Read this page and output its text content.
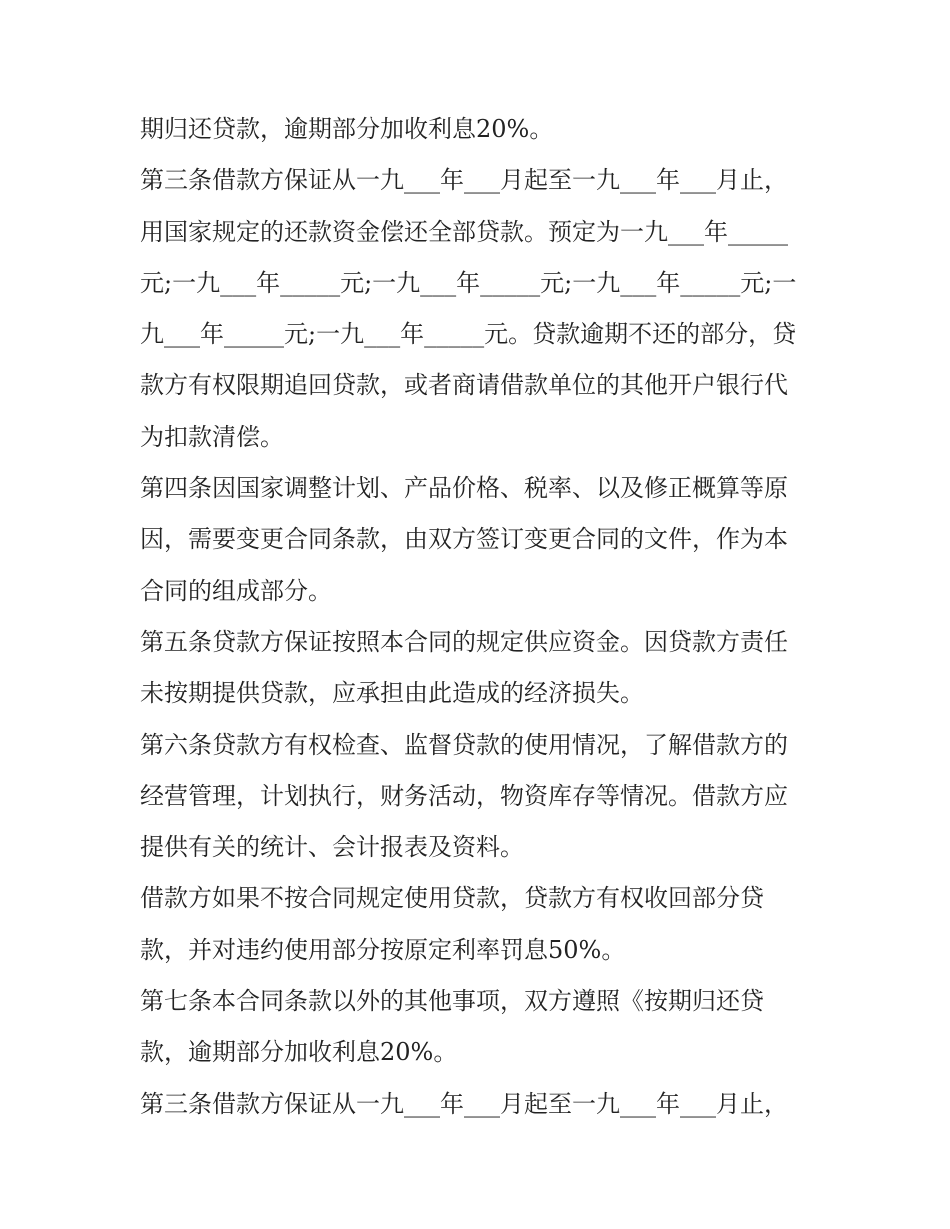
期归还贷款，逾期部分加收利息20%。
第三条借款方保证从一九___年___月起至一九___年___月止，
用国家规定的还款资金偿还全部贷款。预定为一九___年_____
元;一九___年_____元;一九___年_____元;一九___年_____元;一
九___年_____元;一九___年_____元。贷款逾期不还的部分，贷
款方有权限期追回贷款，或者商请借款单位的其他开户银行代
为扣款清偿。
第四条因国家调整计划、产品价格、税率、以及修正概算等原
因，需要变更合同条款，由双方签订变更合同的文件，作为本
合同的组成部分。
第五条贷款方保证按照本合同的规定供应资金。因贷款方责任
未按期提供贷款，应承担由此造成的经济损失。
第六条贷款方有权检查、监督贷款的使用情况，了解借款方的
经营管理，计划执行，财务活动，物资库存等情况。借款方应
提供有关的统计、会计报表及资料。
借款方如果不按合同规定使用贷款，贷款方有权收回部分贷
款，并对违约使用部分按原定利率罚息50%。
第七条本合同条款以外的其他事项，双方遵照《按期归还贷
款，逾期部分加收利息20%。
第三条借款方保证从一九___年___月起至一九___年___月止，
